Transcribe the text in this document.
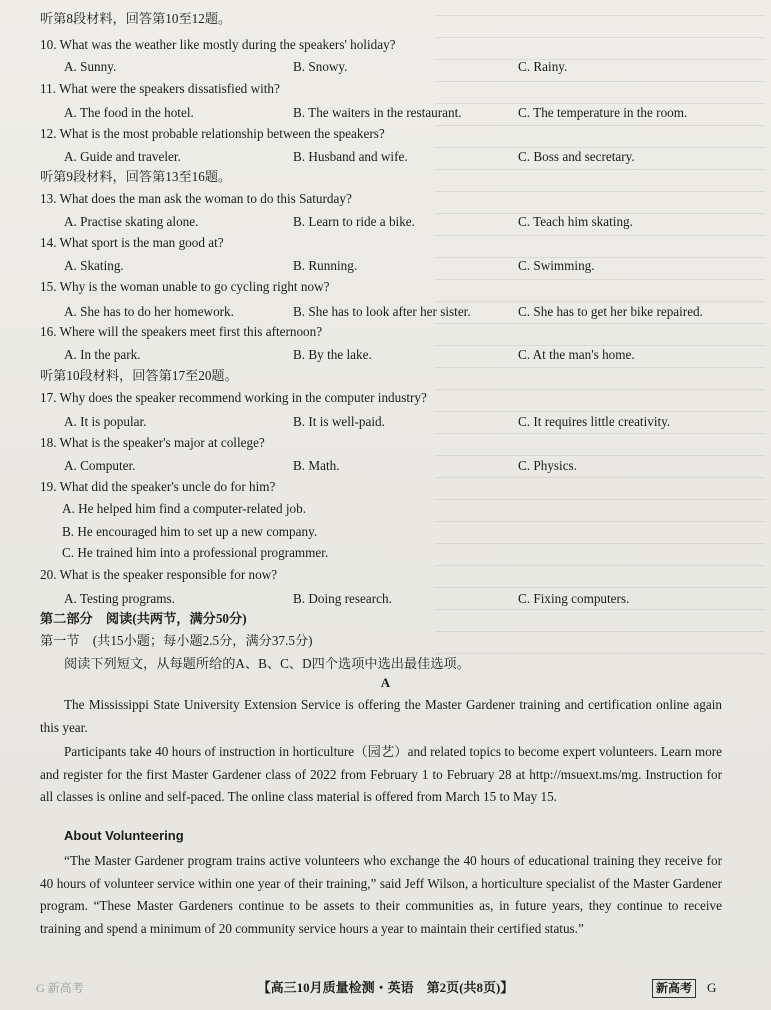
听第8段材料，回答第10至12题。
10. What was the weather like mostly during the speakers' holiday?
A. Sunny.	B. Snowy.	C. Rainy.
11. What were the speakers dissatisfied with?
A. The food in the hotel.	B. The waiters in the restaurant.	C. The temperature in the room.
12. What is the most probable relationship between the speakers?
A. Guide and traveler.	B. Husband and wife.	C. Boss and secretary.
听第9段材料，回答第13至16题。
13. What does the man ask the woman to do this Saturday?
A. Practise skating alone.	B. Learn to ride a bike.	C. Teach him skating.
14. What sport is the man good at?
A. Skating.	B. Running.	C. Swimming.
15. Why is the woman unable to go cycling right now?
A. She has to do her homework.	B. She has to look after her sister.	C. She has to get her bike repaired.
16. Where will the speakers meet first this afternoon?
A. In the park.	B. By the lake.	C. At the man's home.
听第10段材料，回答第17至20题。
17. Why does the speaker recommend working in the computer industry?
A. It is popular.	B. It is well-paid.	C. It requires little creativity.
18. What is the speaker's major at college?
A. Computer.	B. Math.	C. Physics.
19. What did the speaker's uncle do for him?
A. He helped him find a computer-related job.
B. He encouraged him to set up a new company.
C. He trained him into a professional programmer.
20. What is the speaker responsible for now?
A. Testing programs.	B. Doing research.	C. Fixing computers.
第二部分　阅读(共两节，满分50分)
第一节　(共15小题；每小题2.5分，满分37.5分)
阅读下列短文，从每题所给的A、B、C、D四个选项中选出最佳选项。
A
The Mississippi State University Extension Service is offering the Master Gardener training and certification online again this year.
Participants take 40 hours of instruction in horticulture（园艺）and related topics to become expert volunteers. Learn more and register for the first Master Gardener class of 2022 from February 1 to February 28 at http://msuext.ms/mg. Instruction for all classes is online and self-paced. The online class material is offered from March 15 to May 15.
About Volunteering
“The Master Gardener program trains active volunteers who exchange the 40 hours of educational training they receive for 40 hours of volunteer service within one year of their training,” said Jeff Wilson, a horticulture specialist of the Master Gardener program. “These Master Gardeners continue to be assets to their communities as, in future years, they continue to receive training and spend a minimum of 20 community service hours a year to maintain their certified status.”
G 新高考	【高三10月质量检测・英语　第2页(共8页)】	新高考	G
